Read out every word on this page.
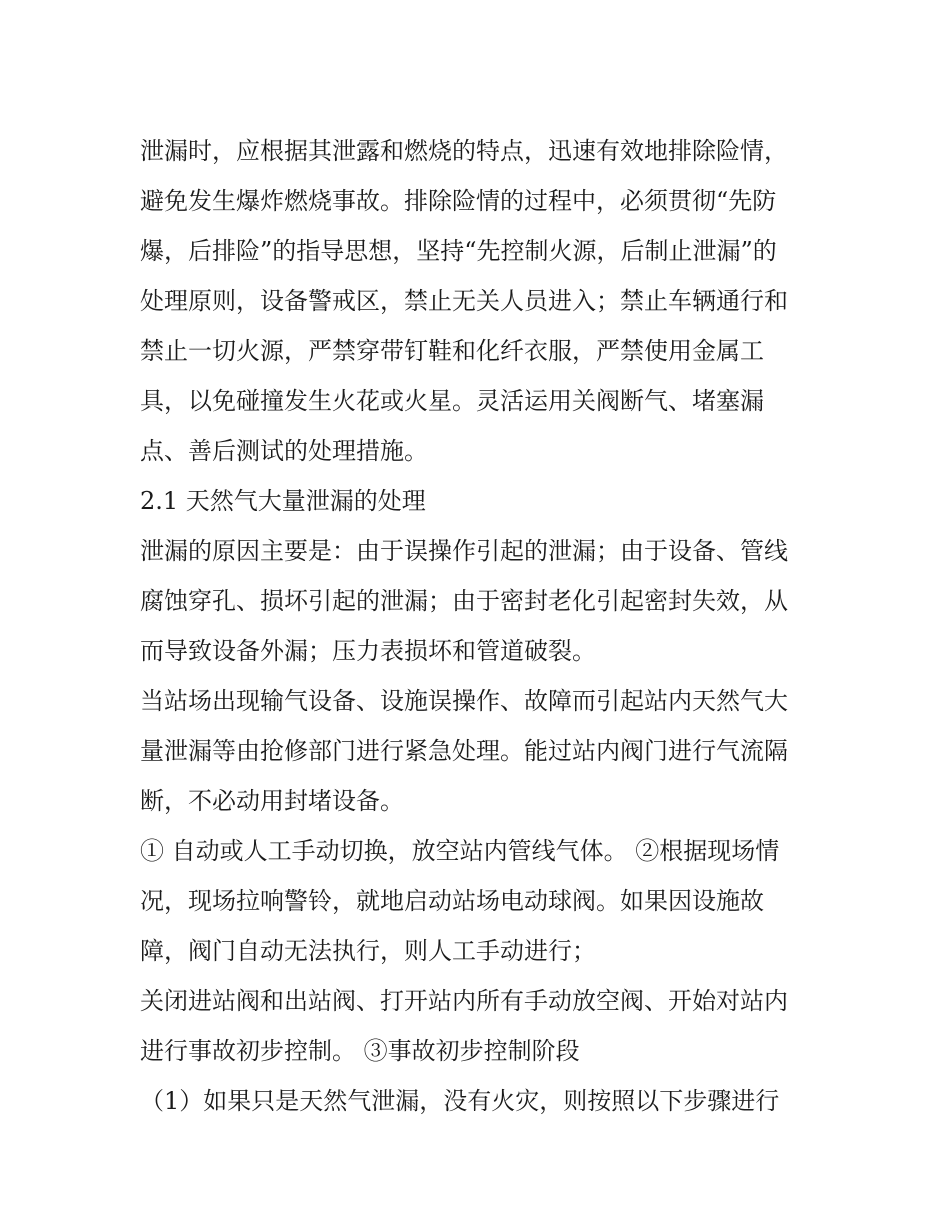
泄漏时，应根据其泄露和燃烧的特点，迅速有效地排除险情，
避免发生爆炸燃烧事故。排除险情的过程中，必须贯彻“先防
爆，后排险”的指导思想，坚持“先控制火源，后制止泄漏”的
处理原则，设备警戒区，禁止无关人员进入；禁止车辆通行和
禁止一切火源，严禁穿带钉鞋和化纤衣服，严禁使用金属工
具，以免碰撞发生火花或火星。灵活运用关阀断气、堵塞漏
点、善后测试的处理措施。
2.1 天然气大量泄漏的处理
泄漏的原因主要是：由于误操作引起的泄漏；由于设备、管线
腐蚀穿孔、损坏引起的泄漏；由于密封老化引起密封失效，从
而导致设备外漏；压力表损坏和管道破裂。
当站场出现输气设备、设施误操作、故障而引起站内天然气大
量泄漏等由抢修部门进行紧急处理。能过站内阀门进行气流隔
断，不必动用封堵设备。
① 自动或人工手动切换，放空站内管线气体。 ②根据现场情
况，现场拉响警铃，就地启动站场电动球阀。如果因设施故
障，阀门自动无法执行，则人工手动进行；
关闭进站阀和出站阀、打开站内所有手动放空阀、开始对站内
进行事故初步控制。 ③事故初步控制阶段
（1）如果只是天然气泄漏，没有火灾，则按照以下步骤进行
